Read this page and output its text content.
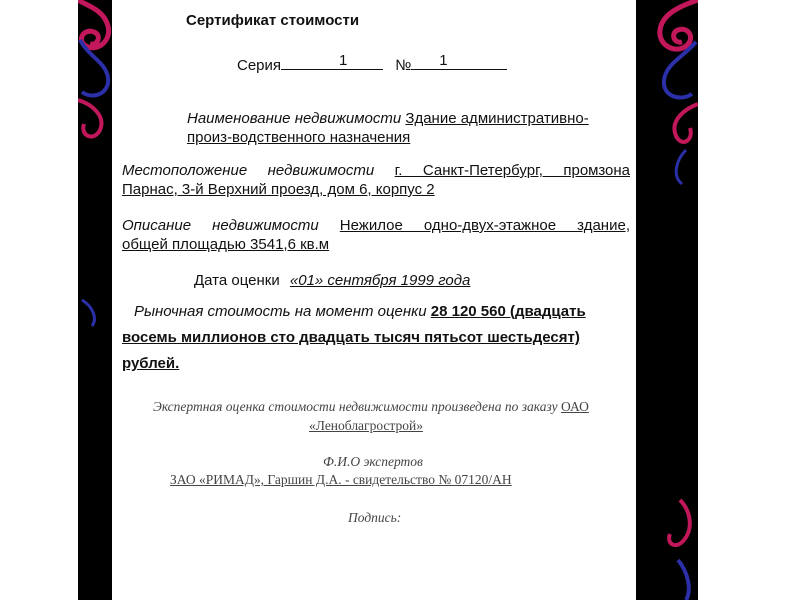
Сертификат стоимости
Серия	1	№ 1
Наименование недвижимости Здание административно-
произ-водственного назначения
Местоположение недвижимости г. Санкт-Петербург, промзона
Парнас, 3-й Верхний проезд, дом 6, корпус 2
Описание недвижимости Нежилое одно-двух-этажное здание,
общей площадью 3541,6 кв.м
Дата оценки «01» сентября 1999 года
Рыночная стоимость на момент оценки 28 120 560 (двадцать
восемь миллионов сто двадцать тысяч пятьсот шестьдесят)
рублей.
Экспертная оценка стоимости недвижимости произведена по заказу ОАО
«Ленoблагрострой»
Ф.И.О экспертов
ЗАО «РИМАД», Гаршин Д.А. - свидетельство № 07120/АН
Подпись:
